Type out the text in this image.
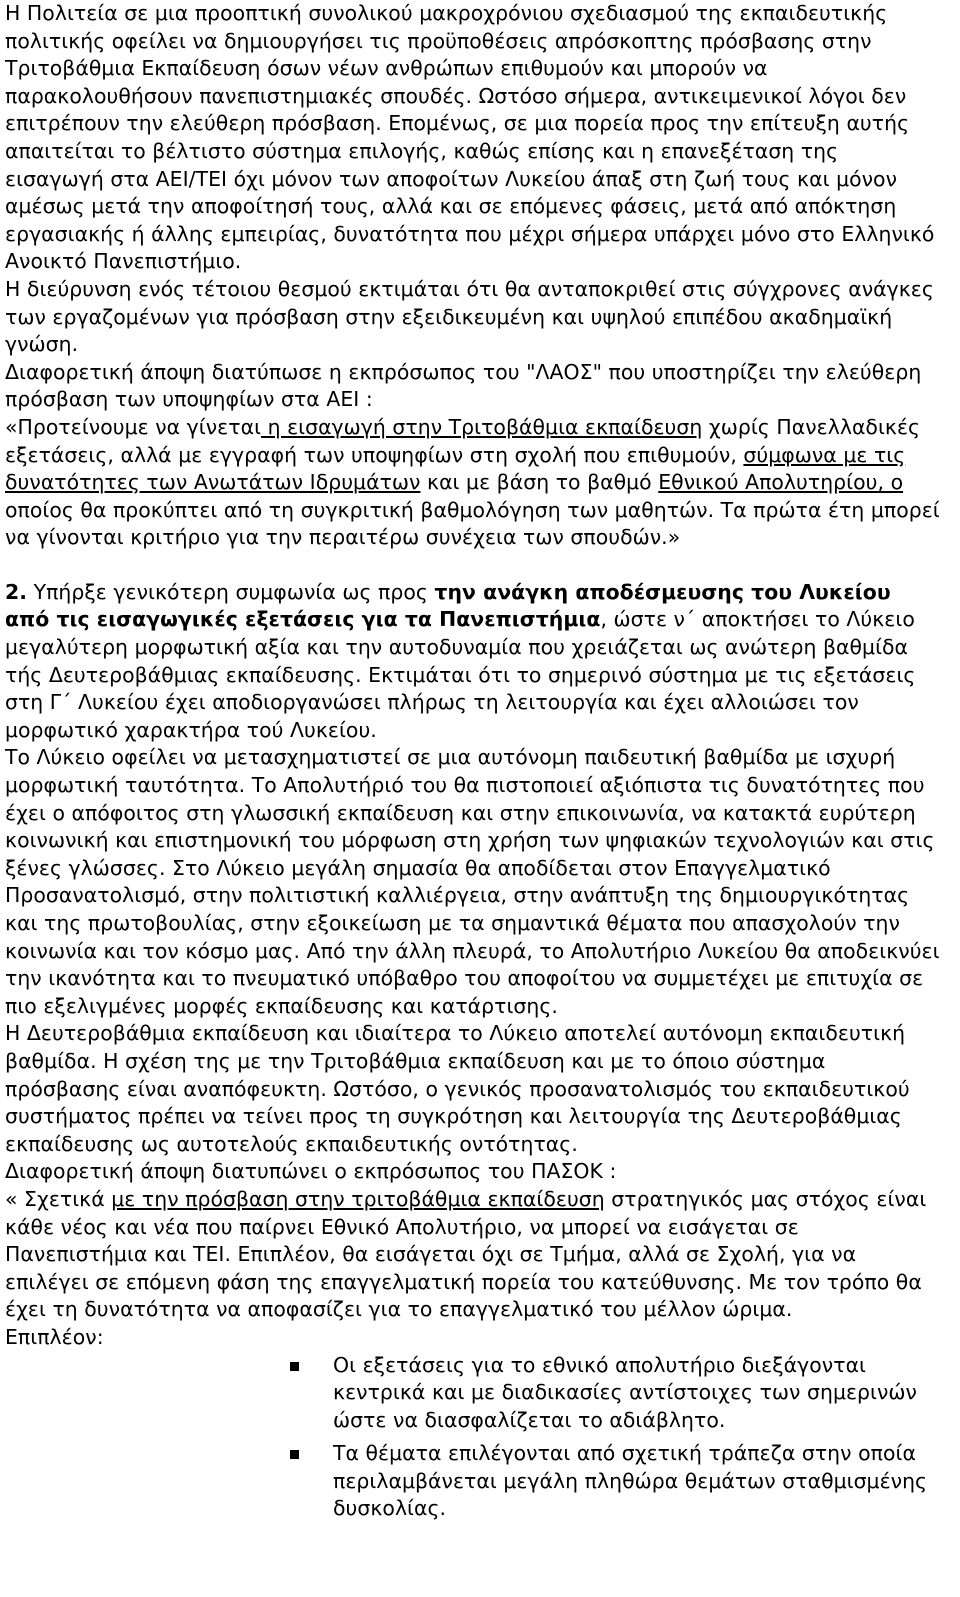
Η Πολιτεία σε μια προοπτική συνολικού μακροχρόνιου σχεδιασμού της εκπαιδευτικής πολιτικής οφείλει να δημιουργήσει τις προϋποθέσεις απρόσκοπτης πρόσβασης στην Τριτοβάθμια Εκπαίδευση όσων νέων ανθρώπων επιθυμούν και μπορούν να παρακολουθήσουν πανεπιστημιακές σπουδές. Ωστόσο σήμερα, αντικειμενικοί λόγοι δεν επιτρέπουν την ελεύθερη πρόσβαση. Επομένως, σε μια πορεία προς την επίτευξη αυτής απαιτείται το βέλτιστο σύστημα επιλογής, καθώς επίσης και η επανεξέταση της εισαγωγή στα ΑΕΙ/ΤΕΙ όχι μόνον των αποφοίτων Λυκείου άπαξ στη ζωή τους και μόνον αμέσως μετά την αποφοίτησή τους, αλλά και σε επόμενες φάσεις, μετά από απόκτηση εργασιακής ή άλλης εμπειρίας, δυνατότητα που μέχρι σήμερα υπάρχει μόνο στο Ελληνικό Ανοικτό Πανεπιστήμιο.
Η διεύρυνση ενός τέτοιου θεσμού εκτιμάται ότι θα ανταποκριθεί στις σύγχρονες ανάγκες των εργαζομένων για πρόσβαση στην εξειδικευμένη και υψηλού επιπέδου ακαδημαϊκή γνώση.

Διαφορετική άποψη διατύπωσε η εκπρόσωπος του "ΛΑΟΣ" που υποστηρίζει την ελεύθερη πρόσβαση των υποψηφίων στα ΑΕΙ :

«Προτείνουμε να γίνεται η εισαγωγή στην Τριτοβάθμια εκπαίδευση χωρίς Πανελλαδικές εξετάσεις, αλλά με εγγραφή των υποψηφίων στη σχολή που επιθυμούν, σύμφωνα με τις δυνατότητες των Ανωτάτων Ιδρυμάτων και με βάση το βαθμό Εθνικού Απολυτηρίου, ο οποίος θα προκύπτει από τη συγκριτική βαθμολόγηση των μαθητών. Τα πρώτα έτη μπορεί να γίνονται κριτήριο για την περαιτέρω συνέχεια των σπουδών.»

2. Υπήρξε γενικότερη συμφωνία ως προς την ανάγκη αποδέσμευσης του Λυκείου από τις εισαγωγικές εξετάσεις για τα Πανεπιστήμια, ώστε ν΄ αποκτήσει το Λύκειο μεγαλύτερη μορφωτική αξία και την αυτοδυναμία που χρειάζεται ως ανώτερη βαθμίδα τής Δευτεροβάθμιας εκπαίδευσης. Εκτιμάται ότι το σημερινό σύστημα με τις εξετάσεις στη Γ΄ Λυκείου έχει αποδιοργανώσει πλήρως τη λειτουργία και έχει αλλοιώσει τον μορφωτικό χαρακτήρα τού Λυκείου.

Το Λύκειο οφείλει να μετασχηματιστεί σε μια αυτόνομη παιδευτική βαθμίδα με ισχυρή μορφωτική ταυτότητα. Το Απολυτήριό του θα πιστοποιεί αξιόπιστα τις δυνατότητες που έχει ο απόφοιτος στη γλωσσική εκπαίδευση και στην επικοινωνία, να κατακτά ευρύτερη κοινωνική και επιστημονική του μόρφωση στη χρήση των ψηφιακών τεχνολογιών και στις ξένες γλώσσες. Στο Λύκειο μεγάλη σημασία θα αποδίδεται στον Επαγγελματικό Προσανατολισμό, στην πολιτιστική καλλιέργεια, στην ανάπτυξη της δημιουργικότητας και της πρωτοβουλίας, στην εξοικείωση με τα σημαντικά θέματα που απασχολούν την κοινωνία και τον κόσμο μας. Από την άλλη πλευρά, το Απολυτήριο Λυκείου θα αποδεικνύει την ικανότητα και το πνευματικό υπόβαθρο του αποφοίτου να συμμετέχει με επιτυχία σε πιο εξελιγμένες μορφές εκπαίδευσης και κατάρτισης.

Η Δευτεροβάθμια εκπαίδευση και ιδιαίτερα το Λύκειο αποτελεί αυτόνομη εκπαιδευτική βαθμίδα. Η σχέση της με την Τριτοβάθμια εκπαίδευση και με το όποιο σύστημα πρόσβασης είναι αναπόφευκτη. Ωστόσο, ο γενικός προσανατολισμός του εκπαιδευτικού συστήματος πρέπει να τείνει προς τη συγκρότηση και λειτουργία της Δευτεροβάθμιας εκπαίδευσης ως αυτοτελούς εκπαιδευτικής οντότητας.

Διαφορετική άποψη διατυπώνει ο εκπρόσωπος του ΠΑΣΟΚ :

« Σχετικά με την πρόσβαση στην τριτοβάθμια εκπαίδευση στρατηγικός μας στόχος είναι κάθε νέος και νέα που παίρνει Εθνικό Απολυτήριο, να μπορεί να εισάγεται σε Πανεπιστήμια και ΤΕΙ. Επιπλέον, θα εισάγεται όχι σε Τμήμα, αλλά σε Σχολή, για να επιλέγει σε επόμενη φάση της επαγγελματική πορεία του κατεύθυνσης. Με τον τρόπο θα έχει τη δυνατότητα να αποφασίζει για το επαγγελματικό του μέλλον ώριμα.

Επιπλέον:

Οι εξετάσεις για το εθνικό απολυτήριο διεξάγονται κεντρικά και με διαδικασίες αντίστοιχες των σημερινών ώστε να διασφαλίζεται το αδιάβλητο.
Τα θέματα επιλέγονται από σχετική τράπεζα στην οποία περιλαμβάνεται μεγάλη πληθώρα θεμάτων σταθμισμένης δυσκολίας.
